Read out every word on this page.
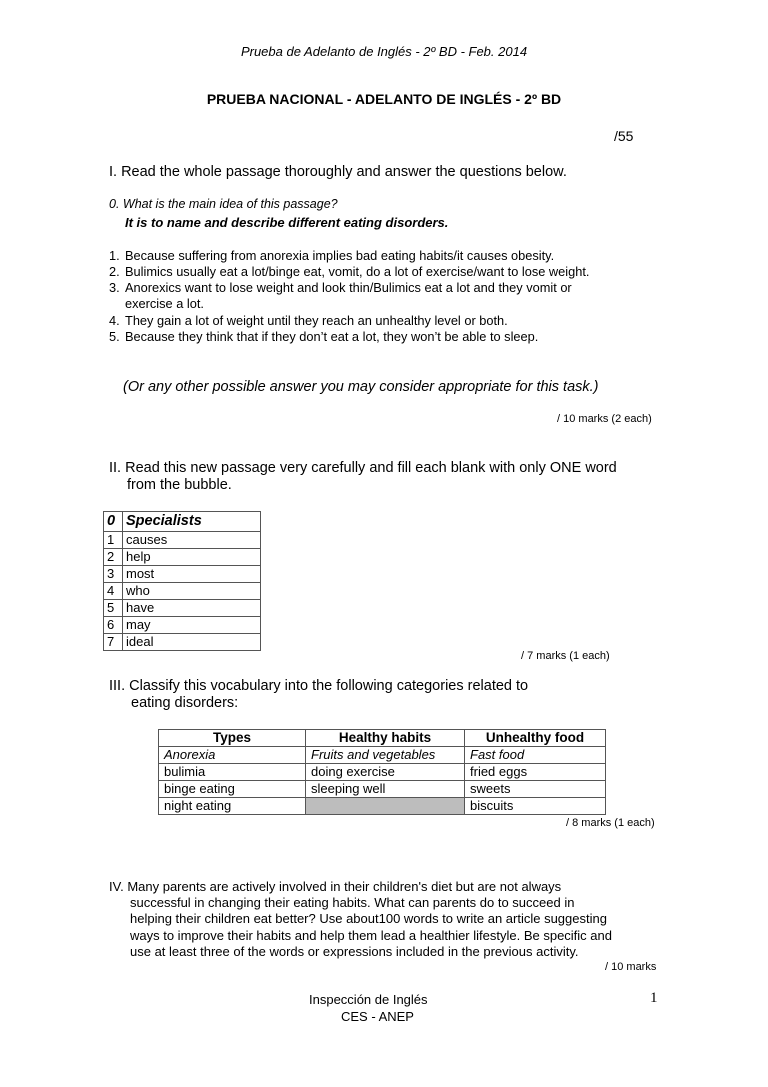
Prueba de Adelanto de Inglés - 2º BD - Feb. 2014
PRUEBA NACIONAL - ADELANTO DE INGLÉS - 2º BD
/55
I. Read the whole passage thoroughly and answer the questions below.
0. What is the main idea of this passage?
It is to name and describe different eating disorders.
1. Because suffering from anorexia implies bad eating habits/it causes obesity.
2. Bulimics usually eat a lot/binge eat, vomit, do a lot of exercise/want to lose weight.
3. Anorexics want to lose weight and look thin/Bulimics eat a lot and they vomit or
exercise a lot.
4. They gain a lot of weight until they reach an unhealthy level or both.
5. Because they think that if they don’t eat a lot, they won’t be able to sleep.
(Or any other possible answer you may consider appropriate for this task.)
/ 10 marks (2 each)
II. Read this new passage very carefully and fill each blank with only ONE word
from the bubble.
0	Specialists
1	causes
2	help
3	most
4	who
5	have
6	may
7	ideal
/ 7 marks (1 each)
III. Classify this vocabulary into the following categories related to
eating disorders:
Types	Healthy habits	Unhealthy food
Anorexia	Fruits and vegetables	Fast food
bulimia	doing exercise	fried eggs
binge eating	sleeping well	sweets
night eating		biscuits
/ 8 marks (1 each)
IV. Many parents are actively involved in their children's diet but are not always
successful in changing their eating habits. What can parents do to succeed in
helping their children eat better? Use about100 words to write an article suggesting
ways to improve their habits and help them lead a healthier lifestyle. Be specific and
use at least three of the words or expressions included in the previous activity.
/ 10 marks
Inspección de Inglés
CES - ANEP
1
